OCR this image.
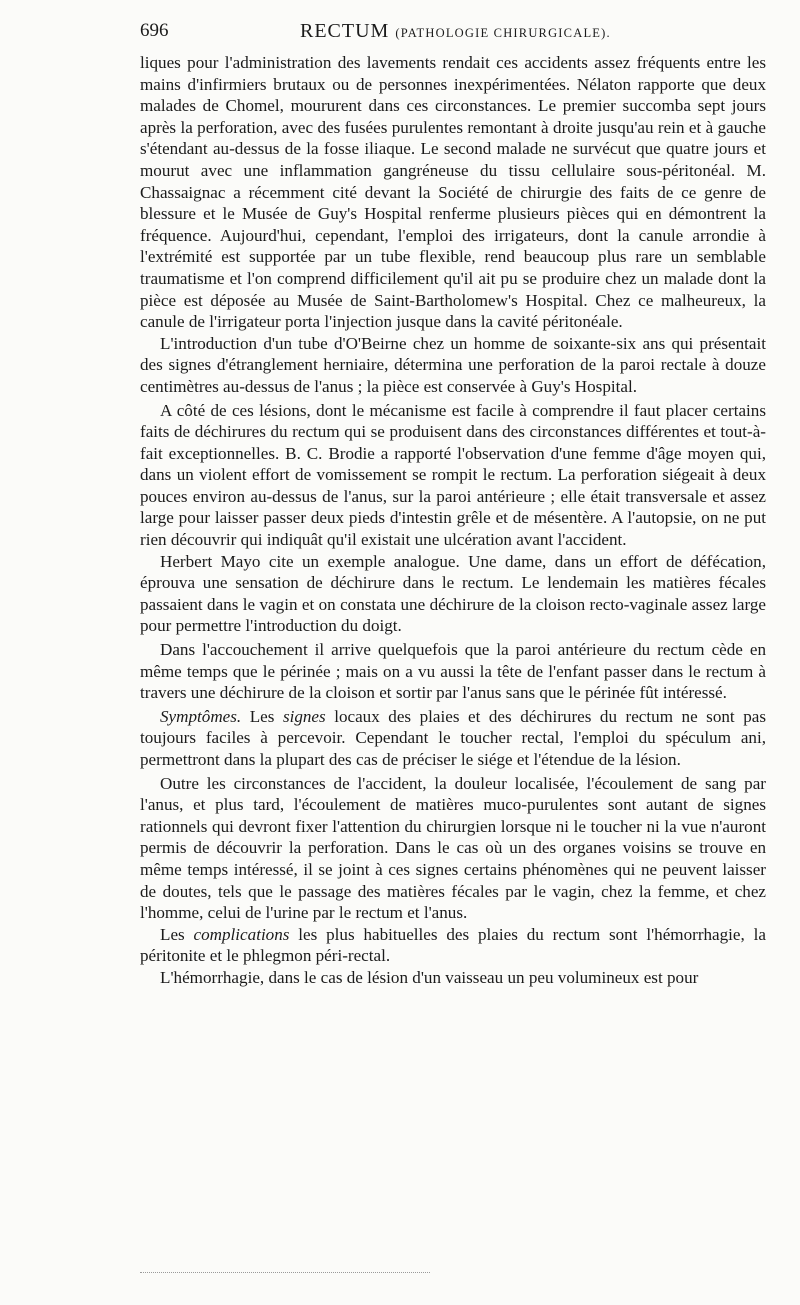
696	RECTUM (PATHOLOGIE CHIRURGICALE).

liques pour l'administration des lavements rendait ces accidents assez fréquents entre les mains d'infirmiers brutaux ou de personnes inexpérimentées. Nélaton rapporte que deux malades de Chomel, moururent dans ces circonstances. Le premier succomba sept jours après la perforation, avec des fusées purulentes remontant à droite jusqu'au rein et à gauche s'étendant au-dessus de la fosse iliaque. Le second malade ne survécut que quatre jours et mourut avec une inflammation gangréneuse du tissu cellulaire sous-péritonéal. M. Chassaignac a récemment cité devant la Société de chirurgie des faits de ce genre de blessure et le Musée de Guy's Hospital renferme plusieurs pièces qui en démontrent la fréquence. Aujourd'hui, cependant, l'emploi des irrigateurs, dont la canule arrondie à l'extrémité est supportée par un tube flexible, rend beaucoup plus rare un semblable traumatisme et l'on comprend difficilement qu'il ait pu se produire chez un malade dont la pièce est déposée au Musée de Saint-Bartholomew's Hospital. Chez ce malheureux, la canule de l'irrigateur porta l'injection jusque dans la cavité péritonéale.

L'introduction d'un tube d'O'Beirne chez un homme de soixante-six ans qui présentait des signes d'étranglement herniaire, détermina une perforation de la paroi rectale à douze centimètres au-dessus de l'anus ; la pièce est conservée à Guy's Hospital.

A côté de ces lésions, dont le mécanisme est facile à comprendre il faut placer certains faits de déchirures du rectum qui se produisent dans des circonstances différentes et tout-à-fait exceptionnelles. B. C. Brodie a rapporté l'observation d'une femme d'âge moyen qui, dans un violent effort de vomissement se rompit le rectum. La perforation siégeait à deux pouces environ au-dessus de l'anus, sur la paroi antérieure ; elle était transversale et assez large pour laisser passer deux pieds d'intestin grêle et de mésentère. A l'autopsie, on ne put rien découvrir qui indiquât qu'il existait une ulcération avant l'accident.

Herbert Mayo cite un exemple analogue. Une dame, dans un effort de défécation, éprouva une sensation de déchirure dans le rectum. Le lendemain les matières fécales passaient dans le vagin et on constata une déchirure de la cloison recto-vaginale assez large pour permettre l'introduction du doigt.

Dans l'accouchement il arrive quelquefois que la paroi antérieure du rectum cède en même temps que le périnée ; mais on a vu aussi la tête de l'enfant passer dans le rectum à travers une déchirure de la cloison et sortir par l'anus sans que le périnée fût intéressé.

Symptômes. Les signes locaux des plaies et des déchirures du rectum ne sont pas toujours faciles à percevoir. Cependant le toucher rectal, l'emploi du spéculum ani, permettront dans la plupart des cas de préciser le siége et l'étendue de la lésion.

Outre les circonstances de l'accident, la douleur localisée, l'écoulement de sang par l'anus, et plus tard, l'écoulement de matières muco-purulentes sont autant de signes rationnels qui devront fixer l'attention du chirurgien lorsque ni le toucher ni la vue n'auront permis de découvrir la perforation. Dans le cas où un des organes voisins se trouve en même temps intéressé, il se joint à ces signes certains phénomènes qui ne peuvent laisser de doutes, tels que le passage des matières fécales par le vagin, chez la femme, et chez l'homme, celui de l'urine par le rectum et l'anus.

Les complications les plus habituelles des plaies du rectum sont l'hémorrhagie, la péritonite et le phlegmon péri-rectal.

L'hémorrhagie, dans le cas de lésion d'un vaisseau un peu volumineux est pour
